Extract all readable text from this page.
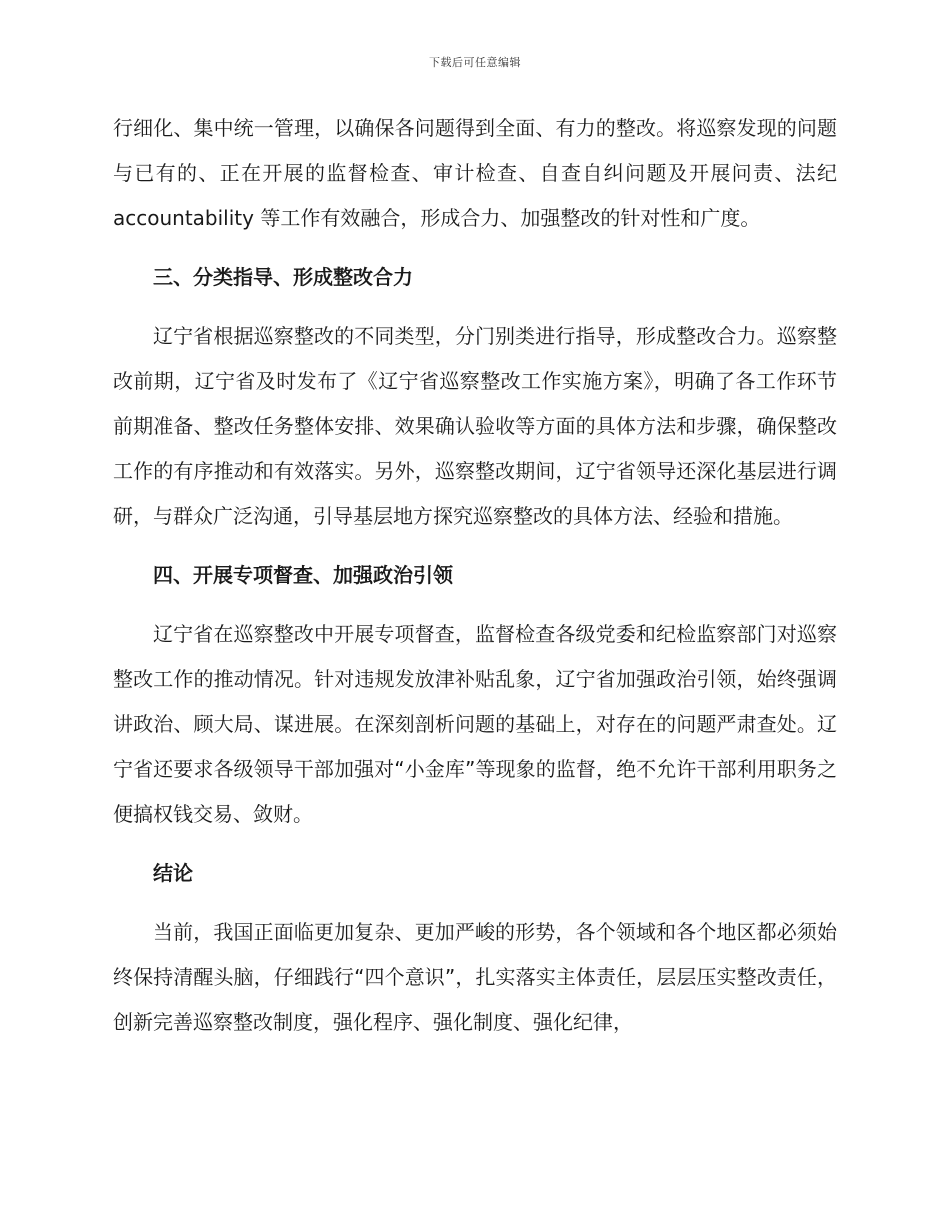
下载后可任意编辑

行细化、集中统一管理，以确保各问题得到全面、有力的整改。将巡察发现的问题与已有的、正在开展的监督检查、审计检查、自查自纠问题及开展问责、法纪 accountability 等工作有效融合，形成合力、加强整改的针对性和广度。

三、分类指导、形成整改合力

辽宁省根据巡察整改的不同类型，分门别类进行指导，形成整改合力。巡察整改前期，辽宁省及时发布了《辽宁省巡察整改工作实施方案》，明确了各工作环节前期准备、整改任务整体安排、效果确认验收等方面的具体方法和步骤，确保整改工作的有序推动和有效落实。另外，巡察整改期间，辽宁省领导还深化基层进行调研，与群众广泛沟通，引导基层地方探究巡察整改的具体方法、经验和措施。

四、开展专项督查、加强政治引领

辽宁省在巡察整改中开展专项督查，监督检查各级党委和纪检监察部门对巡察整改工作的推动情况。针对违规发放津补贴乱象，辽宁省加强政治引领，始终强调讲政治、顾大局、谋进展。在深刻剖析问题的基础上，对存在的问题严肃查处。辽宁省还要求各级领导干部加强对“小金库”等现象的监督，绝不允许干部利用职务之便搞权钱交易、敛财。

结论

当前，我国正面临更加复杂、更加严峻的形势，各个领域和各个地区都必须始终保持清醒头脑，仔细践行“四个意识”，扎实落实主体责任，层层压实整改责任，创新完善巡察整改制度，强化程序、强化制度、强化纪律，
